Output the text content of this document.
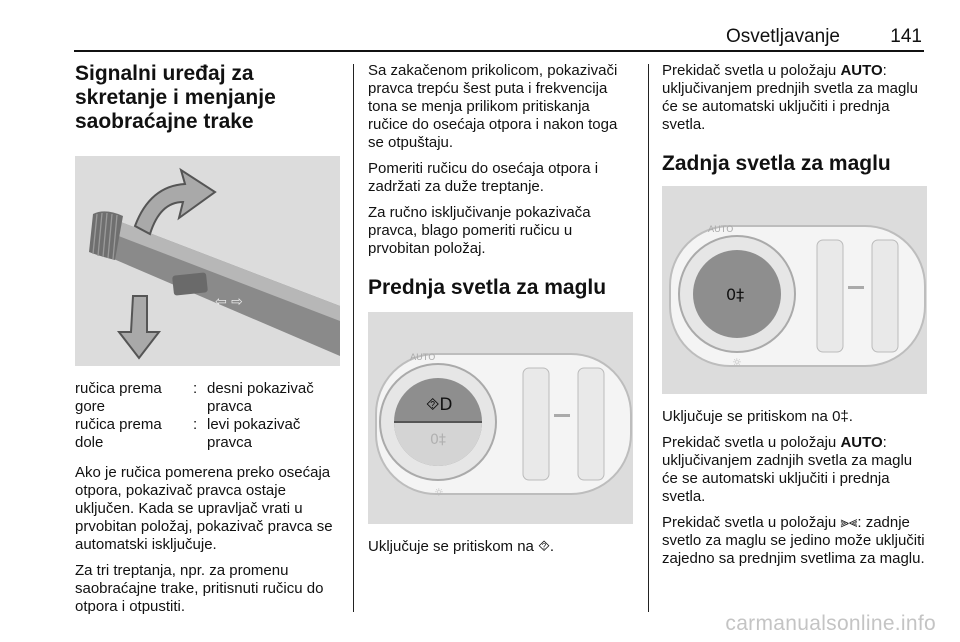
Osvetljavanje	141
Signalni uređaj za skretanje i menjanje saobraćajne trake
⇦ ⇨
ručica prema gore	:	desni pokazivač pravca
ručica prema dole	:	levi pokazivač pravca

Ako je ručica pomerena preko osećaja otpora, pokazivač pravca ostaje uključen. Kada se upravljač vrati u prvobitan položaj, pokazivač pravca se automatski isključuje.

Za tri treptanja, npr. za promenu saobraćajne trake, pritisnuti ručicu do otpora i otpustiti.

Sa zakačenom prikolicom, pokazivači pravca trepću šest puta i frekvencija tona se menja prilikom pritiskanja ručice do osećaja otpora i nakon toga se otpuštaju.

Pomeriti ručicu do osećaja otpora i zadržati za duže treptanje.

Za ručno isključivanje pokazivača pravca, blago pomeriti ručicu u prvobitan položaj.

Prednja svetla za maglu
AUTO
⯑D
0‡
☼

Uključuje se pritiskom na ⯑.

Prekidač svetla u položaju AUTO: uključivanjem prednjih svetla za maglu će se automatski uključiti i prednja svetla.

Zadnja svetla za maglu
AUTO
0‡
☼

Uključuje se pritiskom na 0‡.

Prekidač svetla u položaju AUTO: uključivanjem zadnjih svetla za maglu će se automatski uključiti i prednja svetla.

Prekidač svetla u položaju ⫸⫷: zadnje svetlo za maglu se jedino može uključiti zajedno sa prednjim svetlima za maglu.

carmanualsonline.info
